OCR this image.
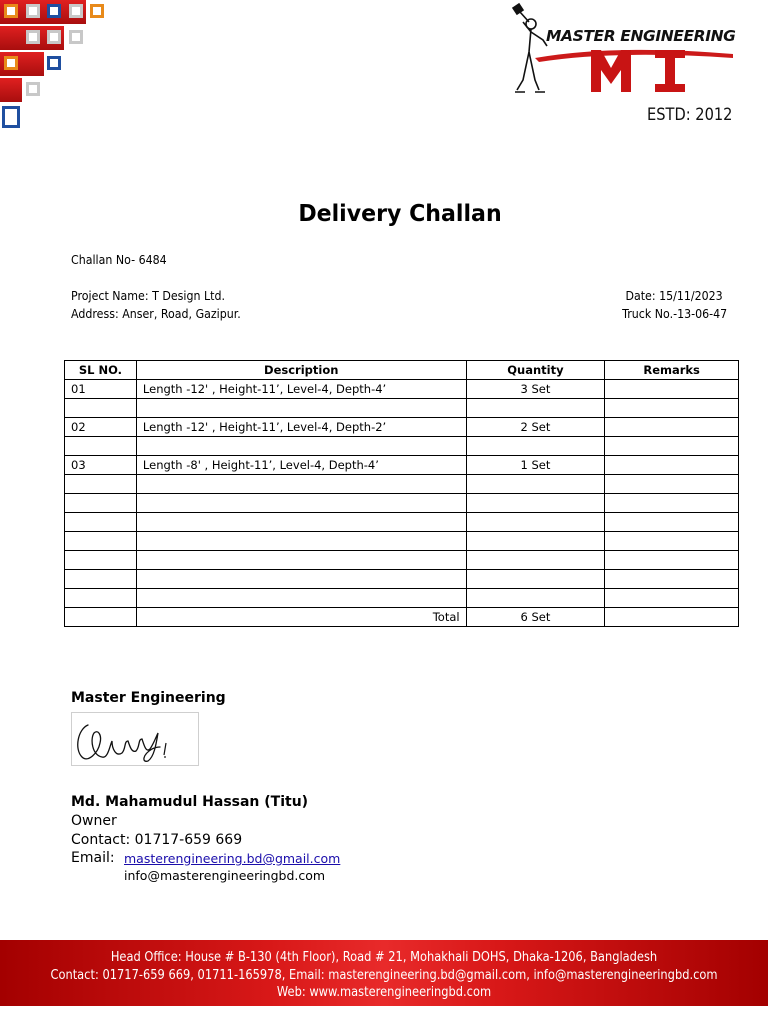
MASTER ENGINEERING
ESTD: 2012
Delivery Challan
Challan No- 6484
Project Name: T Design Ltd.
Address: Anser, Road, Gazipur.
Date: 15/11/2023
Truck No.-13-06-47
SL NO.	Description	Quantity	Remarks
01	Length -12' , Height-11’, Level-4, Depth-4’	3 Set	

02	Length -12' , Height-11’, Level-4, Depth-2’	2 Set	

03	Length -8' , Height-11’, Level-4, Depth-4’	1 Set	

	Total	6 Set	
Master Engineering
Md. Mahamudul Hassan (Titu)
Owner
Contact: 01717-659 669
Email: masterengineering.bd@gmail.com
info@masterengineeringbd.com
Head Office: House # B-130 (4th Floor), Road # 21, Mohakhali DOHS, Dhaka-1206, Bangladesh
Contact: 01717-659 669, 01711-165978, Email: masterengineering.bd@gmail.com, info@masterengineeringbd.com
Web: www.masterengineeringbd.com
